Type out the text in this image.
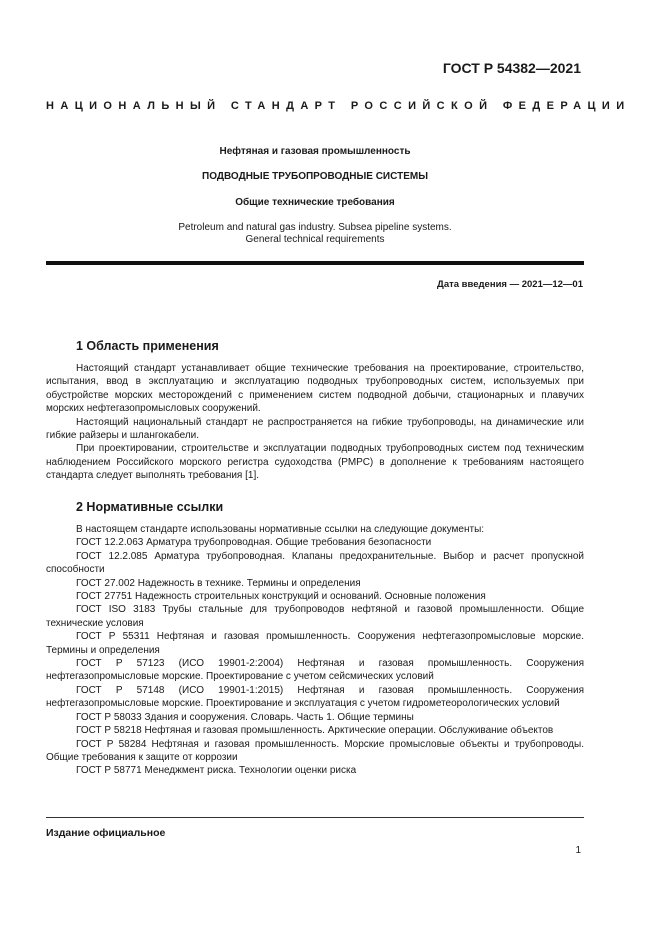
ГОСТ Р 54382—2021
НАЦИОНАЛЬНЫЙ СТАНДАРТ РОССИЙСКОЙ ФЕДЕРАЦИИ
Нефтяная и газовая промышленность
ПОДВОДНЫЕ ТРУБОПРОВОДНЫЕ СИСТЕМЫ
Общие технические требования
Petroleum and natural gas industry. Subsea pipeline systems.
General technical requirements
Дата введения — 2021—12—01
1 Область применения

Настоящий стандарт устанавливает общие технические требования на проектирование, строительство, испытания, ввод в эксплуатацию и эксплуатацию подводных трубопроводных систем, используемых при обустройстве морских месторождений с применением систем подводной добычи, стационарных и плавучих морских нефтегазопромысловых сооружений.

Настоящий национальный стандарт не распространяется на гибкие трубопроводы, на динамические или гибкие райзеры и шлангокабели.

При проектировании, строительстве и эксплуатации подводных трубопроводных систем под техническим наблюдением Российского морского регистра судоходства (РМРС) в дополнение к требованиям настоящего стандарта следует выполнять требования [1].

2 Нормативные ссылки

В настоящем стандарте использованы нормативные ссылки на следующие документы:

ГОСТ 12.2.063 Арматура трубопроводная. Общие требования безопасности

ГОСТ 12.2.085 Арматура трубопроводная. Клапаны предохранительные. Выбор и расчет пропускной способности

ГОСТ 27.002 Надежность в технике. Термины и определения

ГОСТ 27751 Надежность строительных конструкций и оснований. Основные положения

ГОСТ ISO 3183 Трубы стальные для трубопроводов нефтяной и газовой промышленности. Общие технические условия

ГОСТ Р 55311 Нефтяная и газовая промышленность. Сооружения нефтегазопромысловые морские. Термины и определения

ГОСТ Р 57123 (ИСО 19901-2:2004) Нефтяная и газовая промышленность. Сооружения нефтегазопромысловые морские. Проектирование с учетом сейсмических условий

ГОСТ Р 57148 (ИСО 19901-1:2015) Нефтяная и газовая промышленность. Сооружения нефтегазопромысловые морские. Проектирование и эксплуатация с учетом гидрометеорологических условий

ГОСТ Р 58033 Здания и сооружения. Словарь. Часть 1. Общие термины

ГОСТ Р 58218 Нефтяная и газовая промышленность. Арктические операции. Обслуживание объектов

ГОСТ Р 58284 Нефтяная и газовая промышленность. Морские промысловые объекты и трубопроводы. Общие требования к защите от коррозии

ГОСТ Р 58771 Менеджмент риска. Технологии оценки риска

Издание официальное
1
